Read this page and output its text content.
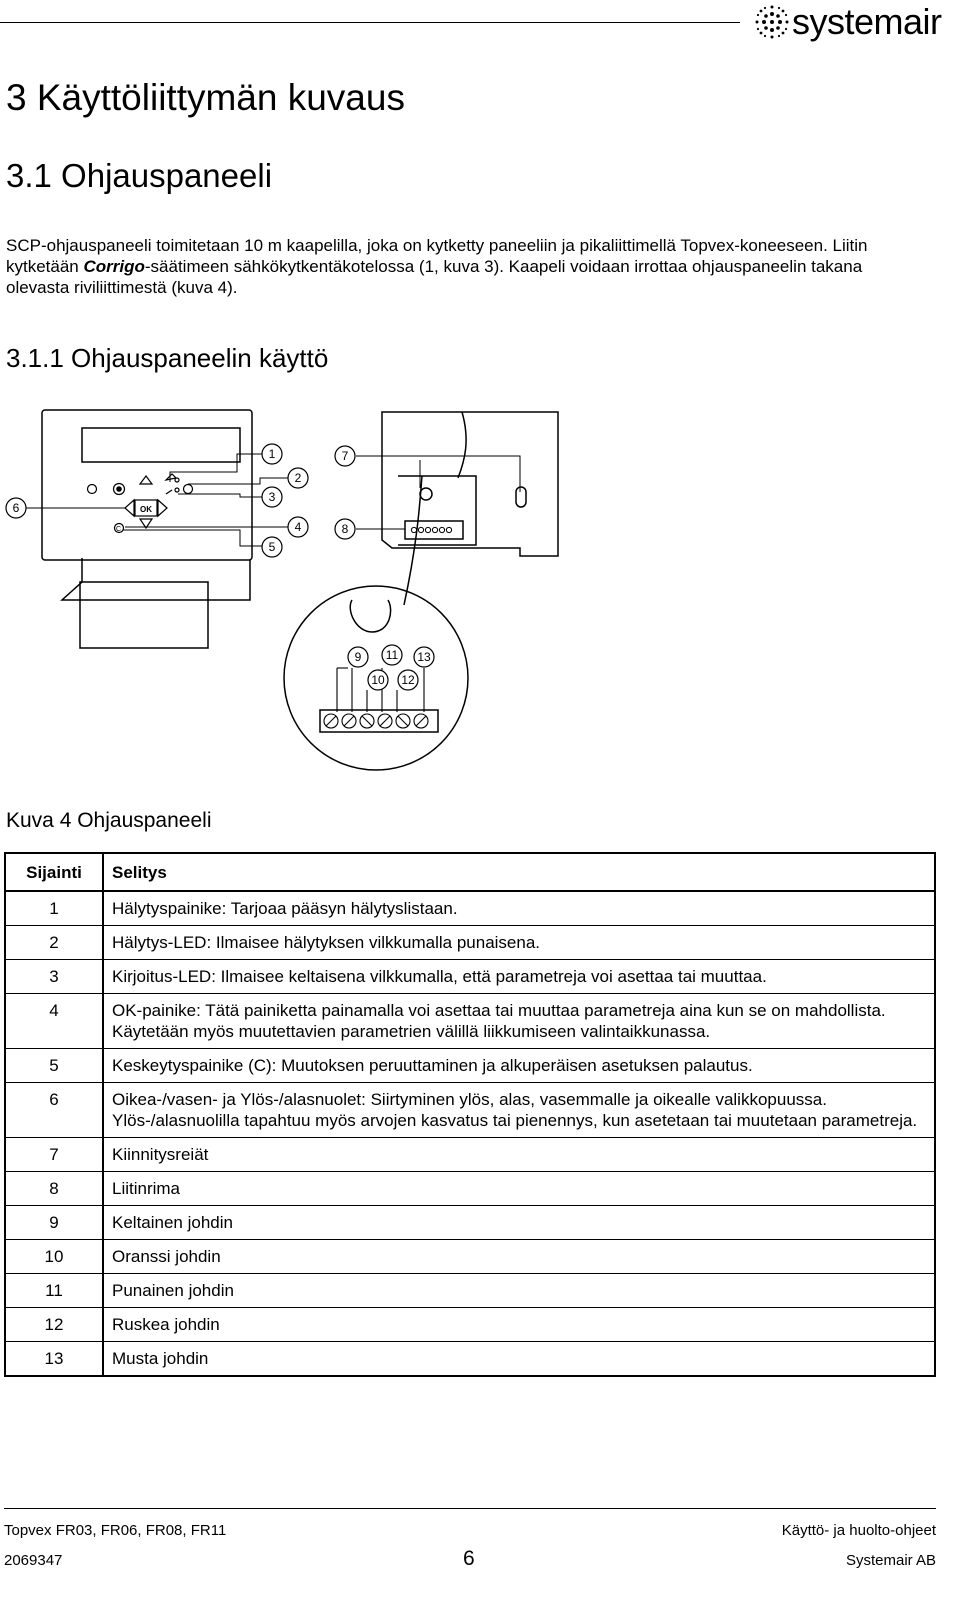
systemair
3 Käyttöliittymän kuvaus
3.1 Ohjauspaneeli
SCP-ohjauspaneeli toimitetaan 10 m kaapelilla, joka on kytketty paneeliin ja pikaliittimellä Topvex-koneeseen. Liitin kytketään Corrigo-säätimeen sähkökytkentäkotelossa (1, kuva 3). Kaapeli voidaan irrottaa ohjauspaneelin takana olevasta riviliittimestä (kuva 4).
3.1.1 Ohjauspaneelin käyttö
OK
C
1
2
3
4
5
6
7
8
9
10
11
12
13
Kuva 4 Ohjauspaneeli
Sijainti	Selitys
1	Hälytyspainike: Tarjoaa pääsyn hälytyslistaan.
2	Hälytys-LED: Ilmaisee hälytyksen vilkkumalla punaisena.
3	Kirjoitus-LED: Ilmaisee keltaisena vilkkumalla, että parametreja voi asettaa tai muuttaa.
4	OK-painike: Tätä painiketta painamalla voi asettaa tai muuttaa parametreja aina kun se on mahdollista. Käytetään myös muutettavien parametrien välillä liikkumiseen valintaikkunassa.
5	Keskeytyspainike (C): Muutoksen peruuttaminen ja alkuperäisen asetuksen palautus.
6	Oikea-/vasen- ja Ylös-/alasnuolet: Siirtyminen ylös, alas, vasemmalle ja oikealle valikkopuussa. Ylös-/alasnuolilla tapahtuu myös arvojen kasvatus tai pienennys, kun asetetaan tai muutetaan parametreja.
7	Kiinnitysreiät
8	Liitinrima
9	Keltainen johdin
10	Oranssi johdin
11	Punainen johdin
12	Ruskea johdin
13	Musta johdin
Topvex FR03, FR06, FR08, FR11	Käyttö- ja huolto-ohjeet
2069347	6	Systemair AB
